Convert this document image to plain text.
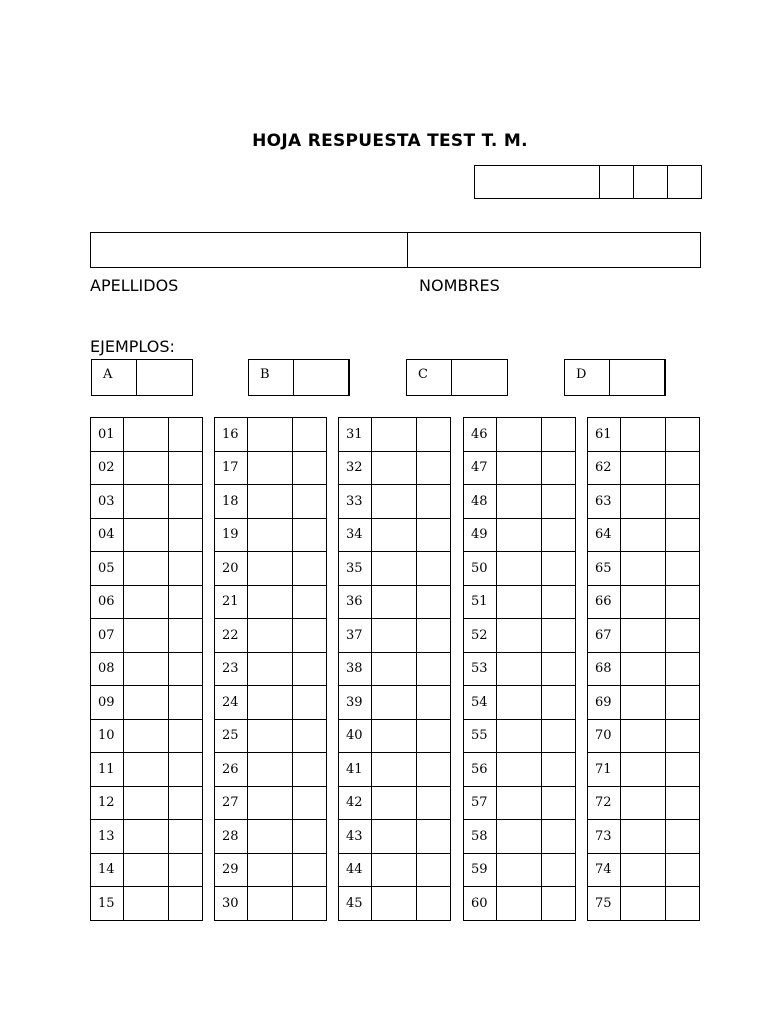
HOJA RESPUESTA TEST T. M.
APELLIDOS	NOMBRES
EJEMPLOS:
A	B	C	D
01		
02		
03		
04		
05		
06		
07		
08		
09		
10		
11		
12		
13		
14		
15		
16		
17		
18		
19		
20		
21		
22		
23		
24		
25		
26		
27		
28		
29		
30		
31		
32		
33		
34		
35		
36		
37		
38		
39		
40		
41		
42		
43		
44		
45		
46		
47		
48		
49		
50		
51		
52		
53		
54		
55		
56		
57		
58		
59		
60		
61		
62		
63		
64		
65		
66		
67		
68		
69		
70		
71		
72		
73		
74		
75		
